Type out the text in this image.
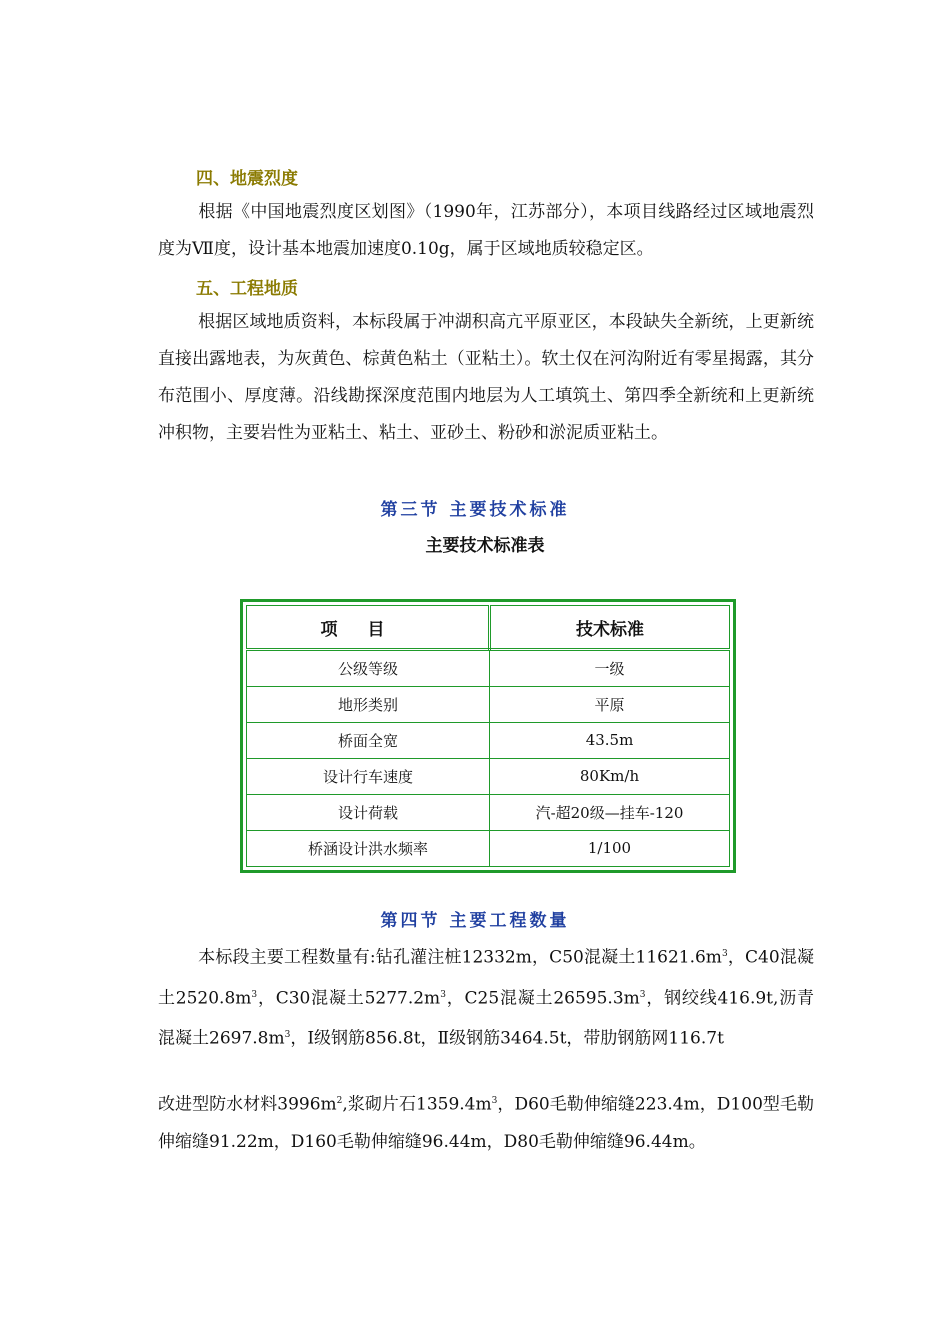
四、地震烈度

根据《中国地震烈度区划图》（1990年，江苏部分），本项目线路经过区域地震烈度为Ⅶ度，设计基本地震加速度0.10g，属于区域地质较稳定区。

五、工程地质

根据区域地质资料，本标段属于冲湖积高亢平原亚区，本段缺失全新统，上更新统直接出露地表，为灰黄色、棕黄色粘土（亚粘土）。软土仅在河沟附近有零星揭露，其分布范围小、厚度薄。沿线勘探深度范围内地层为人工填筑土、第四季全新统和上更新统冲积物，主要岩性为亚粘土、粘土、亚砂土、粉砂和淤泥质亚粘土。

第三节 主要技术标准
主要技术标准表
项目	技术标准
公级等级	一级
地形类别	平原
桥面全宽	43.5m
设计行车速度	80Km/h
设计荷载	汽-超20级—挂车-120
桥涵设计洪水频率	1/100
第四节 主要工程数量

本标段主要工程数量有:钻孔灌注桩12332m，C50混凝土$11621.6m^3$，C40混凝土$2520.8m^3$，C30混凝土$5277.2m^3$，C25混凝土$26595.3m^3$，钢绞线416.9t,沥青混凝土$2697.8m^3$，Ⅰ级钢筋856.8t，Ⅱ级钢筋3464.5t，带肋钢筋网116.7t

改进型防水材料$3996m^2$,浆砌片石$1359.4m^3$，D60毛勒伸缩缝223.4m，D100型毛勒伸缩缝91.22m，D160毛勒伸缩缝96.44m，D80毛勒伸缩缝96.44m。
